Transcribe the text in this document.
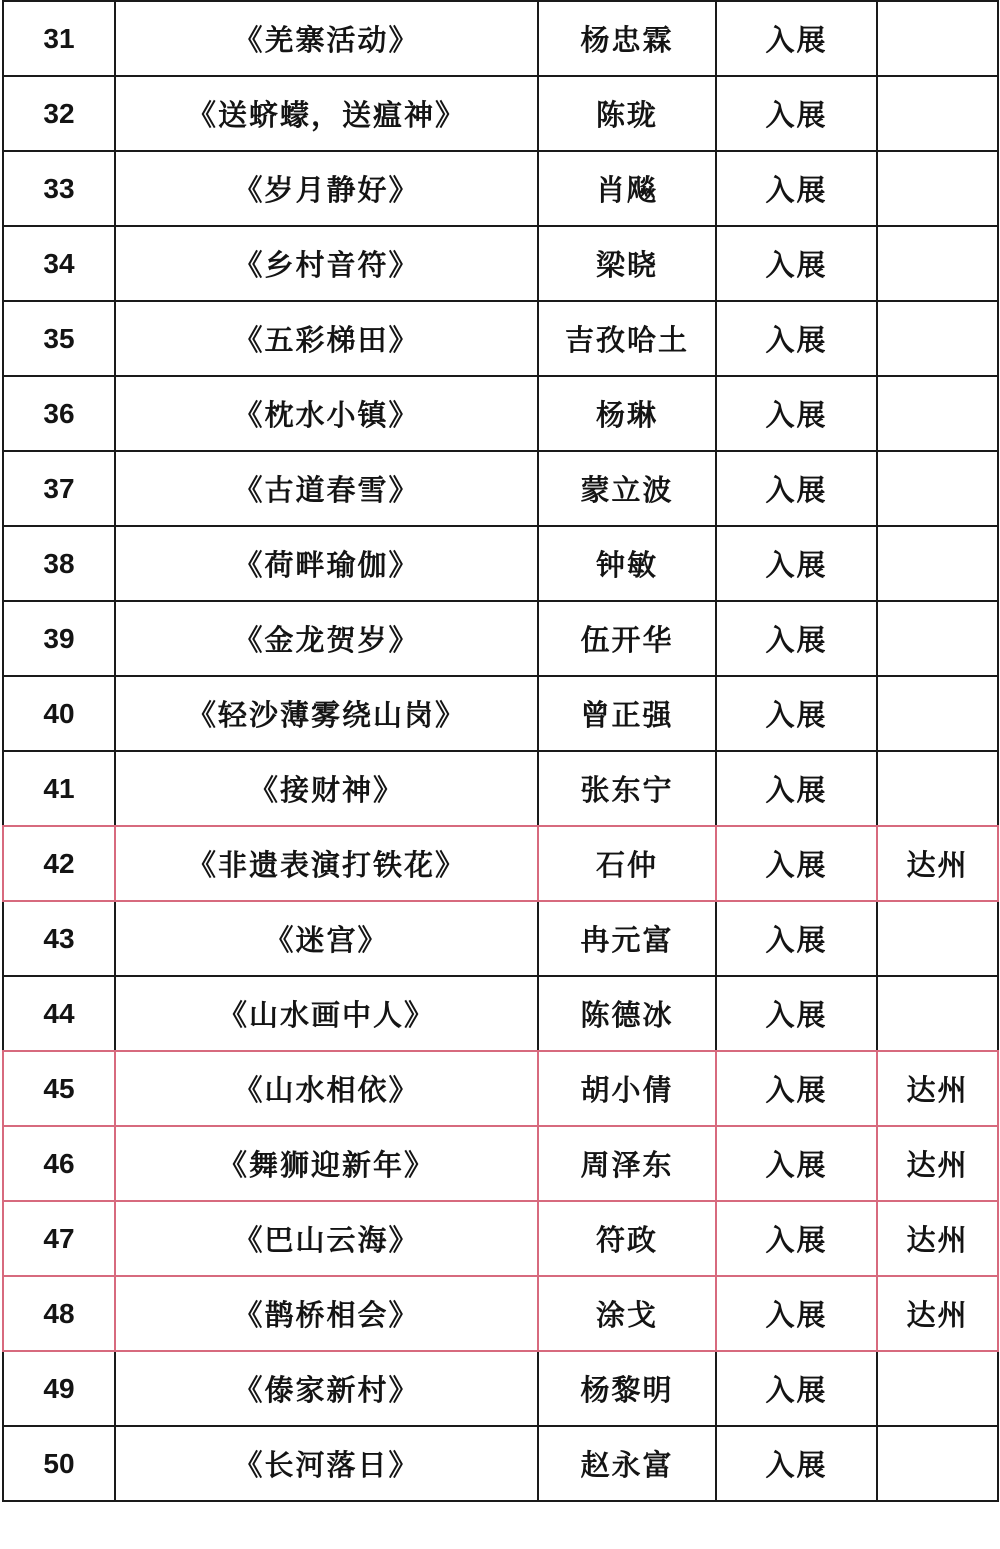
31	《羌寨活动》	杨忠霖	入展	
32	《送蛴蠓，送瘟神》	陈珑	入展	
33	《岁月静好》	肖飚	入展	
34	《乡村音符》	梁晓	入展	
35	《五彩梯田》	吉孜哈土	入展	
36	《枕水小镇》	杨琳	入展	
37	《古道春雪》	蒙立波	入展	
38	《荷畔瑜伽》	钟敏	入展	
39	《金龙贺岁》	伍开华	入展	
40	《轻沙薄雾绕山岗》	曾正强	入展	
41	《接财神》	张东宁	入展	
42	《非遗表演打铁花》	石仲	入展	达州
43	《迷宫》	冉元富	入展	
44	《山水画中人》	陈德冰	入展	
45	《山水相依》	胡小倩	入展	达州
46	《舞狮迎新年》	周泽东	入展	达州
47	《巴山云海》	符政	入展	达州
48	《鹊桥相会》	涂戈	入展	达州
49	《傣家新村》	杨黎明	入展	
50	《长河落日》	赵永富	入展	
